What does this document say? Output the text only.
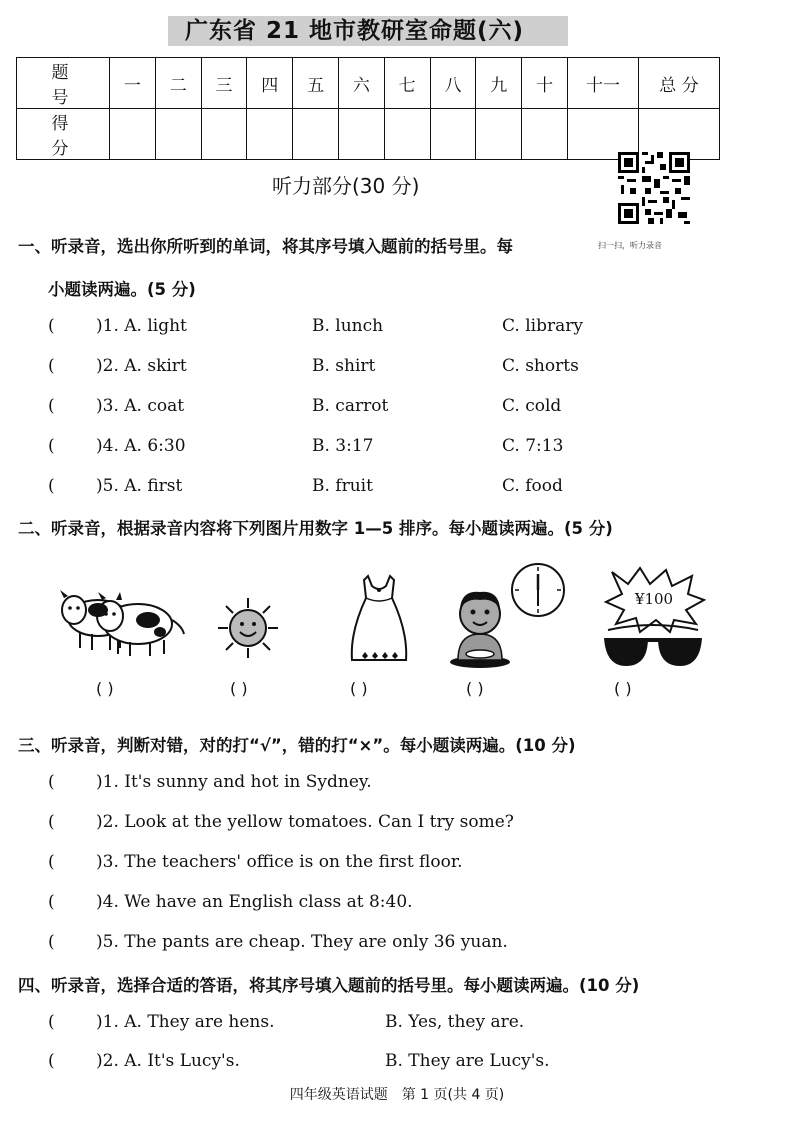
广东省 21 地市教研室命题(六)
题 号	一	二	三	四	五	六	七	八	九	十	十一	总 分
得 分												
听力部分(30 分)
一、听录音，选出你所听到的单词，将其序号填入题前的括号里。每	扫一扫，听力录音
小题读两遍。(5 分)
( )1. A. light	B. lunch	C. library
( )2. A. skirt	B. shirt	C. shorts
( )3. A. coat	B. carrot	C. cold
( )4. A. 6:30	B. 3:17	C. 7:13
( )5. A. first	B. fruit	C. food
二、听录音，根据录音内容将下列图片用数字 1—5 排序。每小题读两遍。(5 分)
¥100
( )	( )	( )	( )	( )
三、听录音，判断对错，对的打“√”，错的打“×”。每小题读两遍。(10 分)
( )1. It's sunny and hot in Sydney.
( )2. Look at the yellow tomatoes. Can I try some?
( )3. The teachers' office is on the first floor.
( )4. We have an English class at 8:40.
( )5. The pants are cheap. They are only 36 yuan.
四、听录音，选择合适的答语，将其序号填入题前的括号里。每小题读两遍。(10 分)
( )1. A. They are hens.	B. Yes, they are.
( )2. A. It's Lucy's.	B. They are Lucy's.
四年级英语试题　第 1 页(共 4 页)
